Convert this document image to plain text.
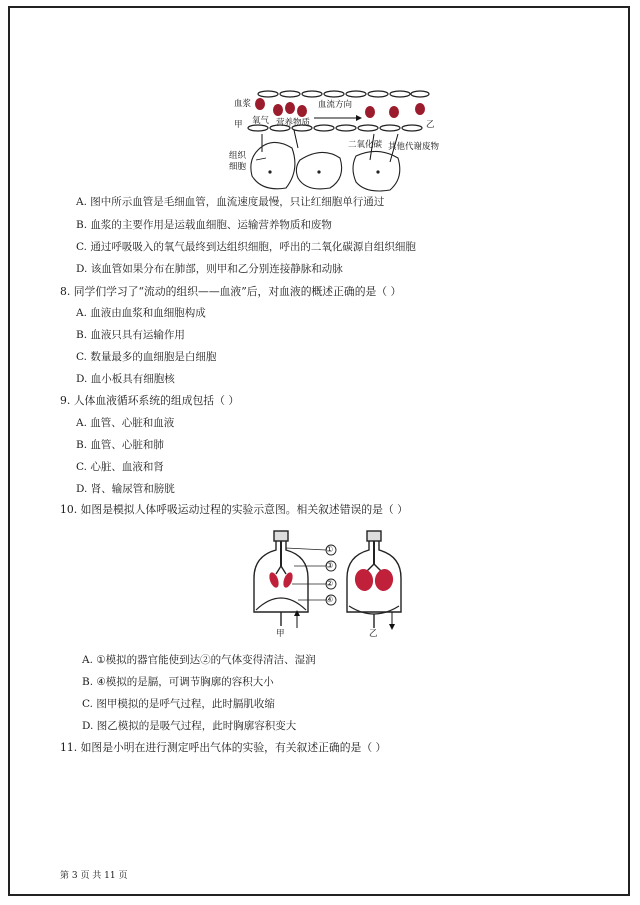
血浆	血流方向
甲	乙
氧气 营养物质
二氧化碳 其他代谢废物
组织
细胞
A. 图中所示血管是毛细血管，血流速度最慢，只让红细胞单行通过
B. 血浆的主要作用是运载血细胞、运输营养物质和废物
C. 通过呼吸吸入的氧气最终到达组织细胞，呼出的二氧化碳源自组织细胞
D. 该血管如果分布在肺部，则甲和乙分别连接静脉和动脉
8. 同学们学习了“流动的组织——血液”后，对血液的概述正确的是（ ）
A. 血液由血浆和血细胞构成
B. 血液只具有运输作用
C. 数量最多的血细胞是白细胞
D. 血小板具有细胞核
9. 人体血液循环系统的组成包括（ ）
A. 血管、心脏和血液
B. 血管、心脏和肺
C. 心脏、血液和肾
D. 肾、输尿管和膀胱
10. 如图是模拟人体呼吸运动过程的实验示意图。相关叙述错误的是（ ）
①
③
②
④
甲	乙
A. ①模拟的器官能使到达②的气体变得清洁、湿润
B. ④模拟的是膈，可调节胸廓的容积大小
C. 图甲模拟的是呼气过程，此时膈肌收缩
D. 图乙模拟的是吸气过程，此时胸廓容积变大
11. 如图是小明在进行测定呼出气体的实验，有关叙述正确的是（ ）
第 3 页 共 11 页
